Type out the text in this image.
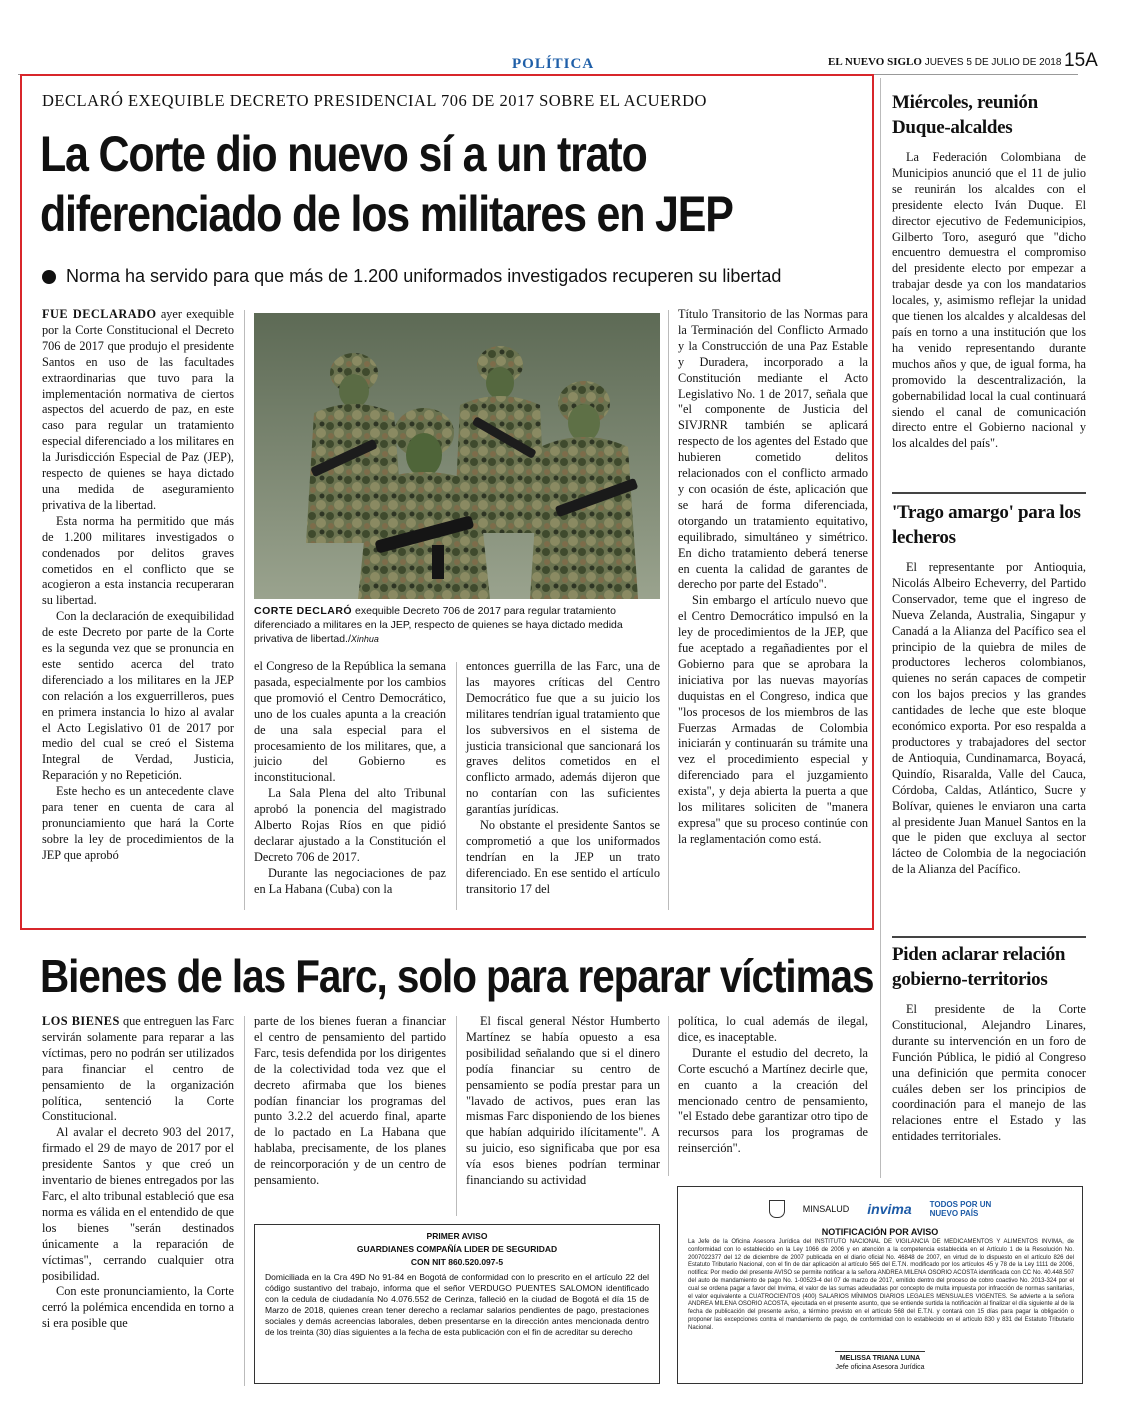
POLÍTICA	EL NUEVO SIGLO JUEVES 5 DE JULIO DE 2018 15A
DECLARÓ EXEQUIBLE DECRETO PRESIDENCIAL 706 DE 2017 SOBRE EL ACUERDO
La Corte dio nuevo sí a un trato
diferenciado de los militares en JEP
Norma ha servido para que más de 1.200 uniformados investigados recuperen su libertad

FUE DECLARADO ayer exequible por la Corte Constitucional el Decreto 706 de 2017 que produjo el presidente Santos en uso de las facultades extraordinarias que tuvo para la implementación normativa de ciertos aspectos del acuerdo de paz, en este caso para regular un tratamiento especial diferenciado a los militares en la Jurisdicción Especial de Paz (JEP), respecto de quienes se haya dictado una medida de aseguramiento privativa de la libertad.

Esta norma ha permitido que más de 1.200 militares investigados o condenados por delitos graves cometidos en el conflicto que se acogieron a esta instancia recuperaran su libertad.

Con la declaración de exequibilidad de este Decreto por parte de la Corte es la segunda vez que se pronuncia en este sentido acerca del trato diferenciado a los militares en la JEP con relación a los exguerrilleros, pues en primera instancia lo hizo al avalar el Acto Legislativo 01 de 2017 por medio del cual se creó el Sistema Integral de Verdad, Justicia, Reparación y no Repetición.

Este hecho es un antecedente clave para tener en cuenta de cara al pronunciamiento que hará la Corte sobre la ley de procedimientos de la JEP que aprobó

CORTE DECLARÓ exequible Decreto 706 de 2017 para regular tratamiento diferenciado a militares en la JEP, respecto de quienes se haya dictado medida privativa de libertad./Xinhua

el Congreso de la República la semana pasada, especialmente por los cambios que promovió el Centro Democrático, uno de los cuales apunta a la creación de una sala especial para el procesamiento de los militares, que, a juicio del Gobierno es inconstitucional.

La Sala Plena del alto Tribunal aprobó la ponencia del magistrado Alberto Rojas Ríos en que pidió declarar ajustado a la Constitución el Decreto 706 de 2017.

Durante las negociaciones de paz en La Habana (Cuba) con la

entonces guerrilla de las Farc, una de las mayores críticas del Centro Democrático fue que a su juicio los militares tendrían igual tratamiento que los subversivos en el sistema de justicia transicional que sancionará los graves delitos cometidos en el conflicto armado, además dijeron que no contarían con las suficientes garantías jurídicas.

No obstante el presidente Santos se comprometió a que los uniformados tendrían en la JEP un trato diferenciado. En ese sentido el artículo transitorio 17 del

Título Transitorio de las Normas para la Terminación del Conflicto Armado y la Construcción de una Paz Estable y Duradera, incorporado a la Constitución mediante el Acto Legislativo No. 1 de 2017, señala que "el componente de Justicia del SIVJRNR también se aplicará respecto de los agentes del Estado que hubieren cometido delitos relacionados con el conflicto armado y con ocasión de éste, aplicación que se hará de forma diferenciada, otorgando un tratamiento equitativo, equilibrado, simultáneo y simétrico. En dicho tratamiento deberá tenerse en cuenta la calidad de garantes de derecho por parte del Estado".

Sin embargo el artículo nuevo que el Centro Democrático impulsó en la ley de procedimientos de la JEP, que fue aceptado a regañadientes por el Gobierno para que se aprobara la iniciativa por las nuevas mayorías duquistas en el Congreso, indica que "los procesos de los miembros de las Fuerzas Armadas de Colombia iniciarán y continuarán su trámite una vez el procedimiento especial y diferenciado para el juzgamiento exista", y deja abierta la puerta a que los militares soliciten de "manera expresa" que su proceso continúe con la reglamentación como está.

Bienes de las Farc, solo para reparar víctimas

LOS BIENES que entreguen las Farc servirán solamente para reparar a las víctimas, pero no podrán ser utilizados para financiar el centro de pensamiento de la organización política, sentenció la Corte Constitucional.

Al avalar el decreto 903 del 2017, firmado el 29 de mayo de 2017 por el presidente Santos y que creó un inventario de bienes entregados por las Farc, el alto tribunal estableció que esa norma es válida en el entendido de que los bienes "serán destinados únicamente a la reparación de víctimas", cerrando cualquier otra posibilidad.

Con este pronunciamiento, la Corte cerró la polémica encendida en torno a si era posible que

parte de los bienes fueran a financiar el centro de pensamiento del partido Farc, tesis defendida por los dirigentes de la colectividad toda vez que el decreto afirmaba que los bienes podían financiar los programas del punto 3.2.2 del acuerdo final, aparte de lo pactado en La Habana que hablaba, precisamente, de los planes de reincorporación y de un centro de pensamiento.

El fiscal general Néstor Humberto Martínez se había opuesto a esa posibilidad señalando que si el dinero podía financiar su centro de pensamiento se podía prestar para un "lavado de activos, pues eran las mismas Farc disponiendo de los bienes que habían adquirido ilícitamente". A su juicio, eso significaba que por esa vía esos bienes podrían terminar financiando su actividad

política, lo cual además de ilegal, dice, es inaceptable.

Durante el estudio del decreto, la Corte escuchó a Martínez decirle que, en cuanto a la creación del mencionado centro de pensamiento, "el Estado debe garantizar otro tipo de recursos para los programas de reinserción".

Miércoles, reunión Duque-alcaldes

La Federación Colombiana de Municipios anunció que el 11 de julio se reunirán los alcaldes con el presidente electo Iván Duque. El director ejecutivo de Fedemunicipios, Gilberto Toro, aseguró que "dicho encuentro demuestra el compromiso del presidente electo por empezar a trabajar desde ya con los mandatarios locales, y, asimismo reflejar la unidad que tienen los alcaldes y alcaldesas del país en torno a una institución que los ha venido representando durante muchos años y que, de igual forma, ha promovido la descentralización, la gobernabilidad local la cual continuará siendo el canal de comunicación directo entre el Gobierno nacional y los alcaldes del país".

'Trago amargo' para los lecheros

El representante por Antioquia, Nicolás Albeiro Echeverry, del Partido Conservador, teme que el ingreso de Nueva Zelanda, Australia, Singapur y Canadá a la Alianza del Pacífico sea el principio de la quiebra de miles de productores lecheros colombianos, quienes no serán capaces de competir con los bajos precios y las grandes cantidades de leche que este bloque económico exporta. Por eso respalda a productores y trabajadores del sector de Antioquia, Cundinamarca, Boyacá, Quindío, Risaralda, Valle del Cauca, Córdoba, Caldas, Atlántico, Sucre y Bolívar, quienes le enviaron una carta al presidente Juan Manuel Santos en la que le piden que excluya al sector lácteo de Colombia de la negociación de la Alianza del Pacífico.

Piden aclarar relación gobierno-territorios

El presidente de la Corte Constitucional, Alejandro Linares, durante su intervención en un foro de Función Pública, le pidió al Congreso una definición que permita conocer cuáles deben ser los principios de coordinación para el manejo de las relaciones entre el Estado y las entidades territoriales.

PRIMER AVISO
GUARDIANES COMPAÑÍA LIDER DE SEGURIDAD
CON NIT 860.520.097-5
Domiciliada en la Cra 49D No 91-84 en Bogotá de conformidad con lo prescrito en el artículo 22 del código sustantivo del trabajo, informa que el señor VERDUGO PUENTES SALOMON identificado con la cedula de ciudadanía No 4.076.552 de Cerinza, falleció en la ciudad de Bogotá el día 15 de Marzo de 2018, quienes crean tener derecho a reclamar salarios pendientes de pago, prestaciones sociales y demás acreencias laborales, deben presentarse en la dirección antes mencionada dentro de los treinta (30) días siguientes a la fecha de esta publicación con el fin de acreditar su derecho
MINSALUD invima TODOS POR UN
NUEVO PAÍS
NOTIFICACIÓN POR AVISO
La Jefe de la Oficina Asesora Jurídica del INSTITUTO NACIONAL DE VIGILANCIA DE MEDICAMENTOS Y ALIMENTOS INVIMA, de conformidad con lo establecido en la Ley 1066 de 2006 y en atención a la competencia establecida en el Artículo 1 de la Resolución No. 2007022377 del 12 de diciembre de 2007 publicada en el diario oficial No. 46848 de 2007, en virtud de lo dispuesto en el artículo 826 del Estatuto Tributario Nacional, con el fin de dar aplicación al artículo 565 del E.T.N. modificado por los artículos 45 y 78 de la Ley 1111 de 2006, notifica: Por medio del presente AVISO se permite notificar a la señora ANDREA MILENA OSORIO ACOSTA identificada con CC No. 40.448.507 del auto de mandamiento de pago No. 1-00523-4 del 07 de marzo de 2017, emitido dentro del proceso de cobro coactivo No. 2013-324 por el cual se ordena pagar a favor del Invima, el valor de las sumas adeudadas por concepto de multa impuesta por infracción de normas sanitarias, el valor equivalente a CUATROCIENTOS (400) SALARIOS MÍNIMOS DIARIOS LEGALES MENSUALES VIGENTES. Se advierte a la señora ANDREA MILENA OSORIO ACOSTA, ejecutada en el presente asunto, que se entiende surtida la notificación al finalizar el día siguiente al de la fecha de publicación del presente aviso, a término previsto en el artículo 568 del E.T.N. y contará con 15 días para pagar la obligación o proponer las excepciones contra el mandamiento de pago, de conformidad con lo establecido en el artículo 830 y 831 del Estatuto Tributario Nacional.
MELISSA TRIANA LUNA
Jefe oficina Asesora Jurídica
